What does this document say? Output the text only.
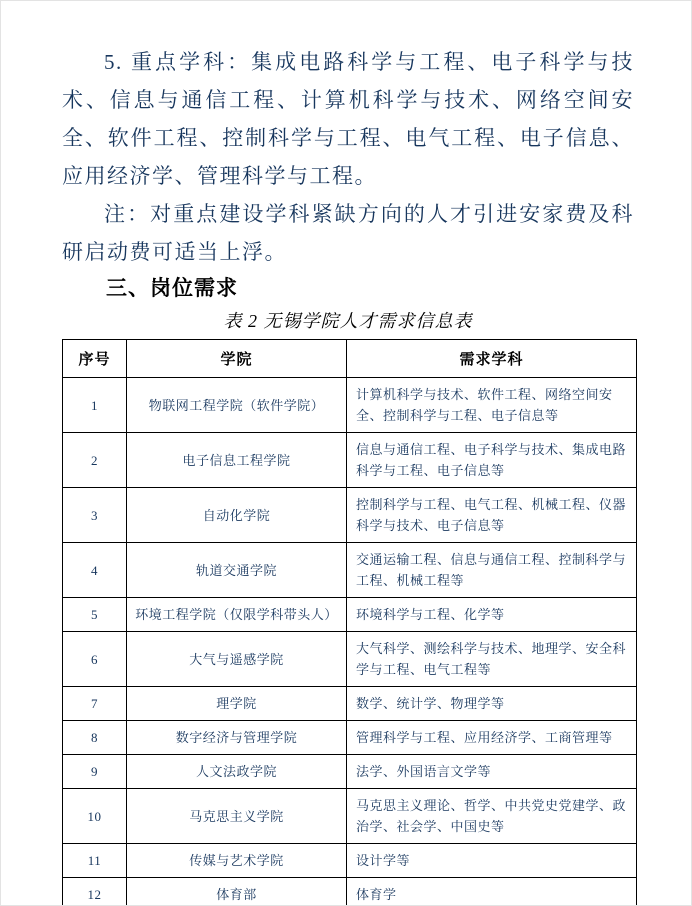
5. 重点学科：集成电路科学与工程、电子科学与技术、信息与通信工程、计算机科学与技术、网络空间安全、软件工程、控制科学与工程、电气工程、电子信息、应用经济学、管理科学与工程。

注：对重点建设学科紧缺方向的人才引进安家费及科研启动费可适当上浮。

三、岗位需求
表 2 无锡学院人才需求信息表
序号	学院	需求学科
1	物联网工程学院（软件学院）	计算机科学与技术、软件工程、网络空间安全、控制科学与工程、电子信息等
2	电子信息工程学院	信息与通信工程、电子科学与技术、集成电路科学与工程、电子信息等
3	自动化学院	控制科学与工程、电气工程、机械工程、仪器科学与技术、电子信息等
4	轨道交通学院	交通运输工程、信息与通信工程、控制科学与工程、机械工程等
5	环境工程学院（仅限学科带头人）	环境科学与工程、化学等
6	大气与遥感学院	大气科学、测绘科学与技术、地理学、安全科学与工程、电气工程等
7	理学院	数学、统计学、物理学等
8	数字经济与管理学院	管理科学与工程、应用经济学、工商管理等
9	人文法政学院	法学、外国语言文学等
10	马克思主义学院	马克思主义理论、哲学、中共党史党建学、政治学、社会学、中国史等
11	传媒与艺术学院	设计学等
12	体育部	体育学
